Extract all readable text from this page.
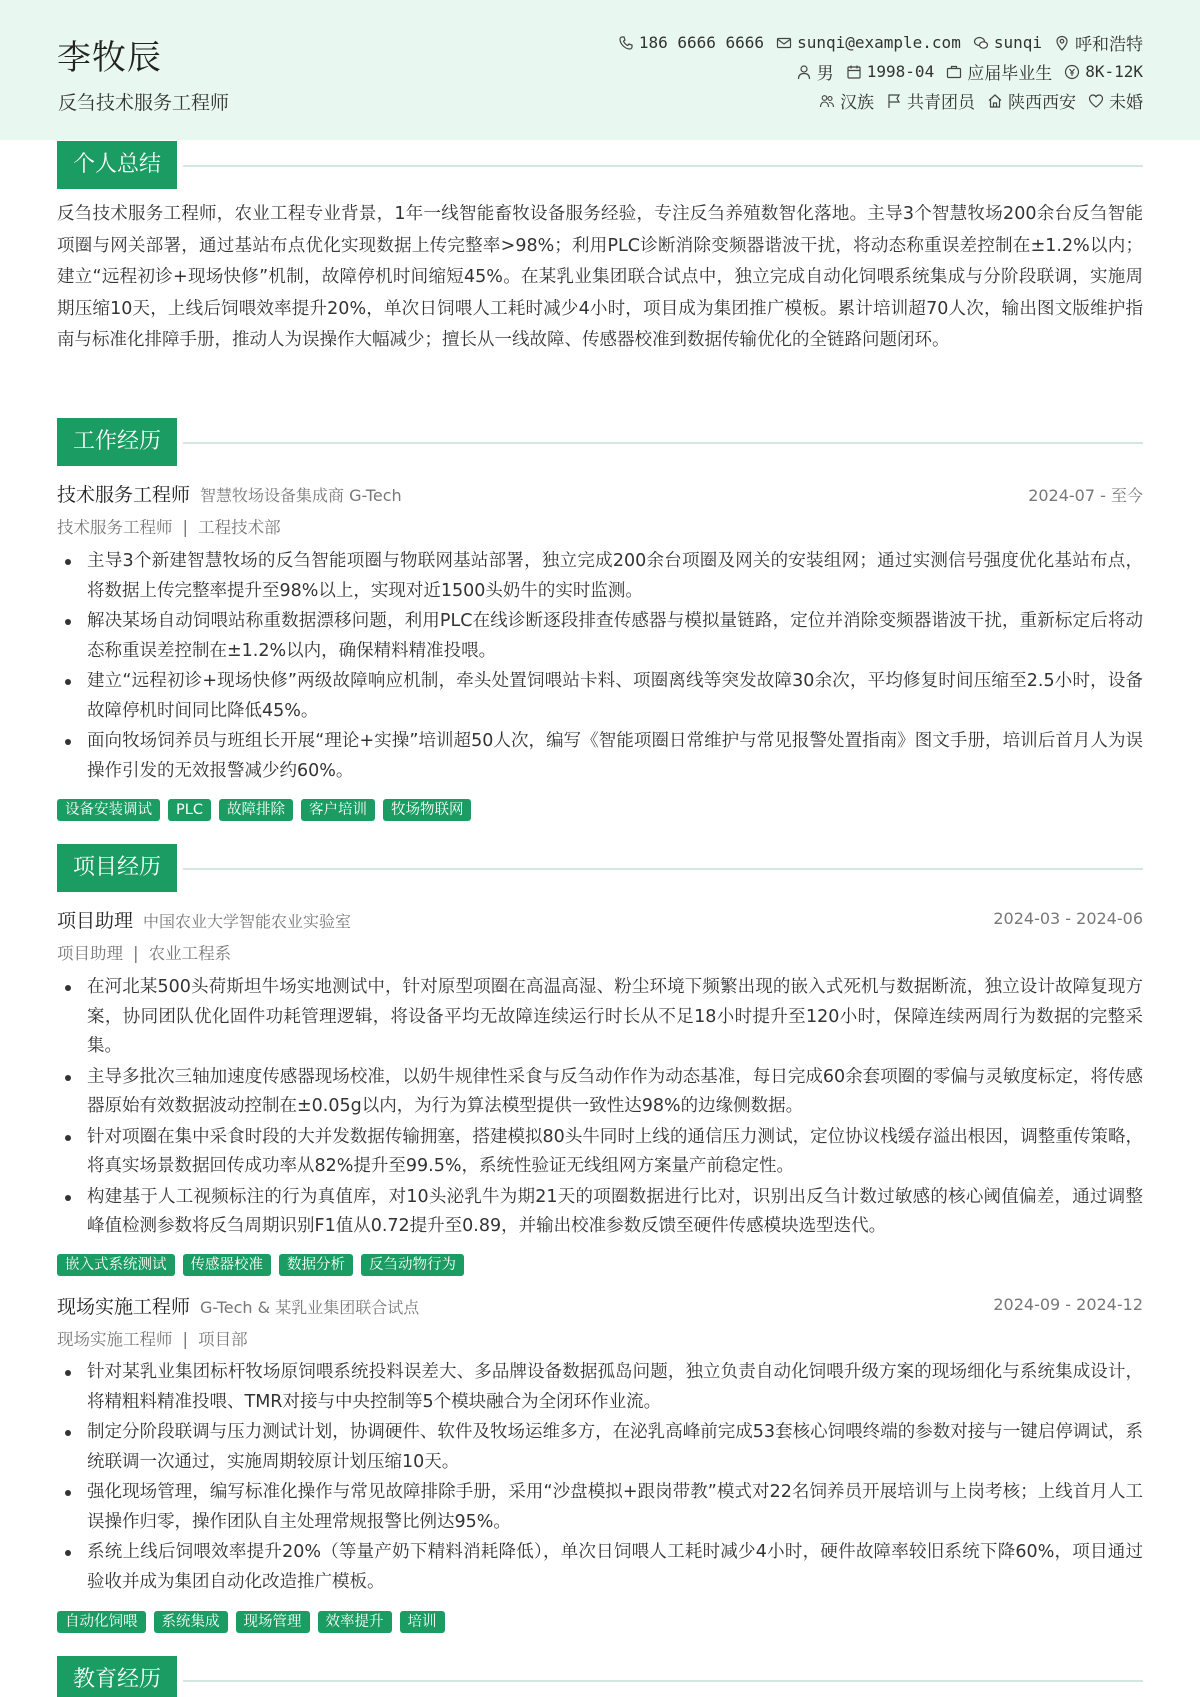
李牧辰
反刍技术服务工程师
186 6666 6666 sunqi@example.com sunqi 呼和浩特
男 1998-04 应届毕业生 8K-12K
汉族 共青团员 陕西西安 未婚
个人总结
反刍技术服务工程师，农业工程专业背景，1年一线智能畜牧设备服务经验，专注反刍养殖数智化落地。主导3个智慧牧场200余台反刍智能项圈与网关部署，通过基站布点优化实现数据上传完整率>98%；利用PLC诊断消除变频器谐波干扰，将动态称重误差控制在±1.2%以内；建立“远程初诊+现场快修”机制，故障停机时间缩短45%。在某乳业集团联合试点中，独立完成自动化饲喂系统集成与分阶段联调，实施周期压缩10天，上线后饲喂效率提升20%，单次日饲喂人工耗时减少4小时，项目成为集团推广模板。累计培训超70人次，输出图文版维护指南与标准化排障手册，推动人为误操作大幅减少；擅长从一线故障、传感器校准到数据传输优化的全链路问题闭环。
工作经历
技术服务工程师 智慧牧场设备集成商 G-Tech	2024-07 - 至今
技术服务工程师 | 工程技术部
主导3个新建智慧牧场的反刍智能项圈与物联网基站部署，独立完成200余台项圈及网关的安装组网；通过实测信号强度优化基站布点，将数据上传完整率提升至98%以上，实现对近1500头奶牛的实时监测。
解决某场自动饲喂站称重数据漂移问题，利用PLC在线诊断逐段排查传感器与模拟量链路，定位并消除变频器谐波干扰，重新标定后将动态称重误差控制在±1.2%以内，确保精料精准投喂。
建立“远程初诊+现场快修”两级故障响应机制，牵头处置饲喂站卡料、项圈离线等突发故障30余次，平均修复时间压缩至2.5小时，设备故障停机时间同比降低45%。
面向牧场饲养员与班组长开展“理论+实操”培训超50人次，编写《智能项圈日常维护与常见报警处置指南》图文手册，培训后首月人为误操作引发的无效报警减少约60%。
设备安装调试	PLC	故障排除	客户培训	牧场物联网
项目经历
项目助理 中国农业大学智能农业实验室	2024-03 - 2024-06
项目助理 | 农业工程系
在河北某500头荷斯坦牛场实地测试中，针对原型项圈在高温高湿、粉尘环境下频繁出现的嵌入式死机与数据断流，独立设计故障复现方案，协同团队优化固件功耗管理逻辑，将设备平均无故障连续运行时长从不足18小时提升至120小时，保障连续两周行为数据的完整采集。
主导多批次三轴加速度传感器现场校准，以奶牛规律性采食与反刍动作作为动态基准，每日完成60余套项圈的零偏与灵敏度标定，将传感器原始有效数据波动控制在±0.05g以内，为行为算法模型提供一致性达98%的边缘侧数据。
针对项圈在集中采食时段的大并发数据传输拥塞，搭建模拟80头牛同时上线的通信压力测试，定位协议栈缓存溢出根因，调整重传策略，将真实场景数据回传成功率从82%提升至99.5%，系统性验证无线组网方案量产前稳定性。
构建基于人工视频标注的行为真值库，对10头泌乳牛为期21天的项圈数据进行比对，识别出反刍计数过敏感的核心阈值偏差，通过调整峰值检测参数将反刍周期识别F1值从0.72提升至0.89，并输出校准参数反馈至硬件传感模块选型迭代。
嵌入式系统测试	传感器校准	数据分析	反刍动物行为
现场实施工程师 G-Tech & 某乳业集团联合试点	2024-09 - 2024-12
现场实施工程师 | 项目部
针对某乳业集团标杆牧场原饲喂系统投料误差大、多品牌设备数据孤岛问题，独立负责自动化饲喂升级方案的现场细化与系统集成设计，将精粗料精准投喂、TMR对接与中央控制等5个模块融合为全闭环作业流。
制定分阶段联调与压力测试计划，协调硬件、软件及牧场运维多方，在泌乳高峰前完成53套核心饲喂终端的参数对接与一键启停调试，系统联调一次通过，实施周期较原计划压缩10天。
强化现场管理，编写标准化操作与常见故障排除手册，采用“沙盘模拟+跟岗带教”模式对22名饲养员开展培训与上岗考核；上线首月人工误操作归零，操作团队自主处理常规报警比例达95%。
系统上线后饲喂效率提升20%（等量产奶下精料消耗降低），单次日饲喂人工耗时减少4小时，硬件故障率较旧系统下降60%，项目通过验收并成为集团自动化改造推广模板。
自动化饲喂	系统集成	现场管理	效率提升	培训
教育经历
